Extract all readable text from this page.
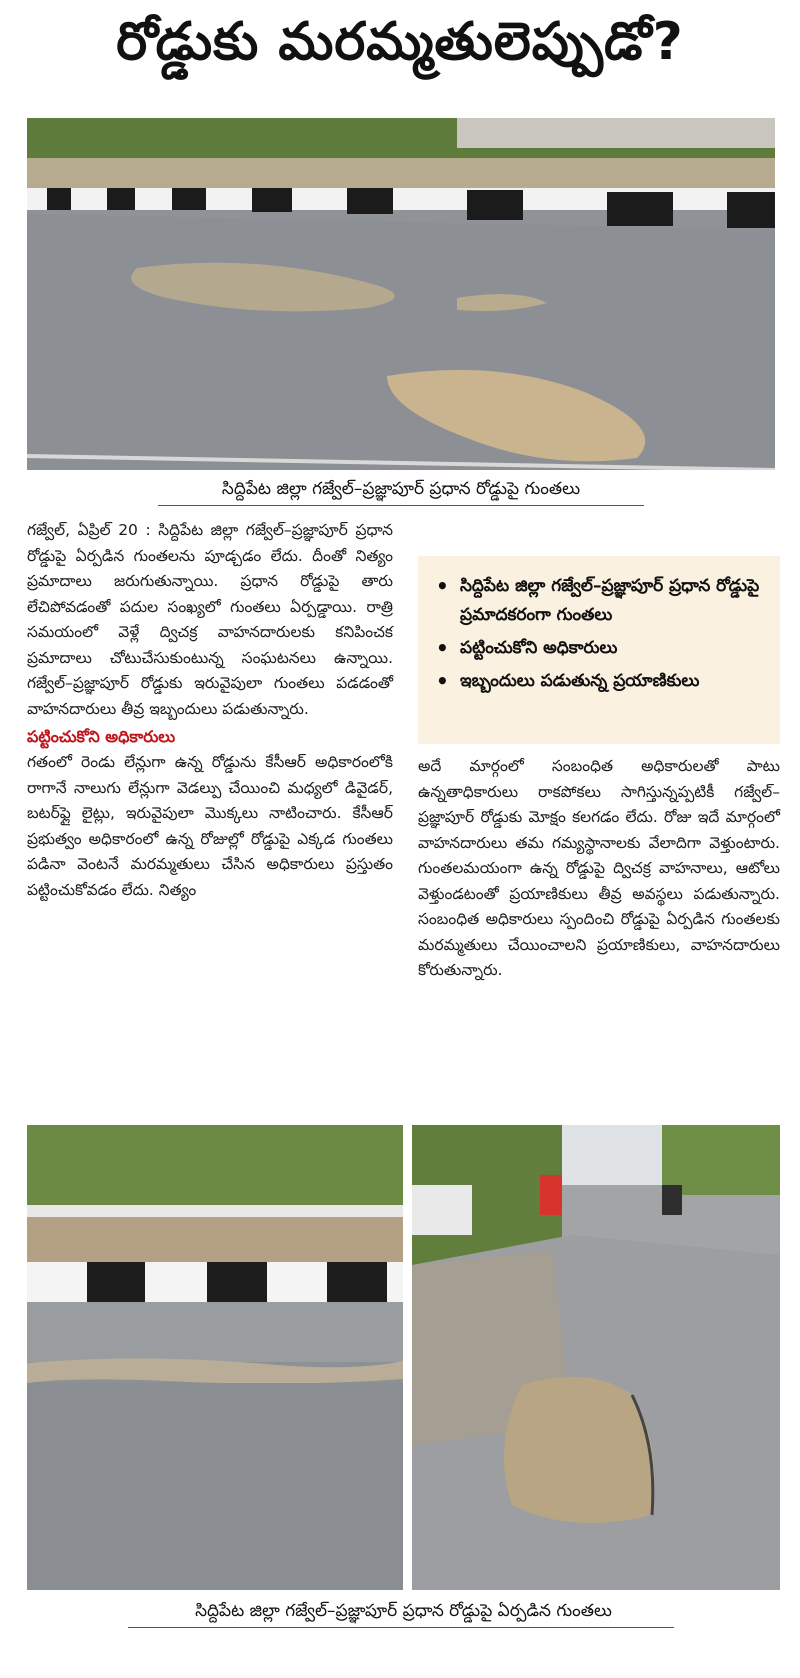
రోడ్డుకు మరమ్మతులెప్పుడో?
సిద్దిపేట జిల్లా గజ్వేల్–ప్రజ్ఞాపూర్ ప్రధాన రోడ్డుపై గుంతలు

గజ్వేల్, ఏప్రిల్ 20 : సిద్దిపేట జిల్లా గజ్వేల్–ప్రజ్ఞాపూర్ ప్రధాన రోడ్డుపై ఏర్పడిన గుంతలను పూడ్చడం లేదు. దీంతో నిత్యం ప్రమాదాలు జరుగుతున్నాయి. ప్రధాన రోడ్డుపై తారు లేచిపోవడంతో పదుల సంఖ్యలో గుంతలు ఏర్పడ్డాయి. రాత్రి సమయంలో వెళ్లే ద్విచక్ర వాహనదారులకు కనిపించక ప్రమాదాలు చోటుచేసుకుంటున్న సంఘటనలు ఉన్నాయి. గజ్వేల్–ప్రజ్ఞాపూర్ రోడ్డుకు ఇరువైపులా గుంతలు పడడంతో వాహనదారులు తీవ్ర ఇబ్బందులు పడుతున్నారు.

పట్టించుకోని అధికారులు

గతంలో రెండు లేన్లుగా ఉన్న రోడ్డును కేసీఆర్ అధికారంలోకి రాగానే నాలుగు లేన్లుగా వెడల్పు చేయించి మధ్యలో డివైడర్, బటర్‌ఫ్లై లైట్లు, ఇరువైపులా మొక్కలు నాటించారు. కేసీఆర్ ప్రభుత్వం అధికారంలో ఉన్న రోజుల్లో రోడ్డుపై ఎక్కడ గుంతలు పడినా వెంటనే మరమ్మతులు చేసిన అధికారులు ప్రస్తుతం పట్టించుకోవడం లేదు. నిత్యం

• సిద్దిపేట జిల్లా గజ్వేల్–ప్రజ్ఞాపూర్ ప్రధాన రోడ్డుపై ప్రమాదకరంగా గుంతలు
• పట్టించుకోని అధికారులు
• ఇబ్బందులు పడుతున్న ప్రయాణికులు

అదే మార్గంలో సంబంధిత అధికారులతో పాటు ఉన్నతాధికారులు రాకపోకలు సాగిస్తున్నప్పటికీ గజ్వేల్–ప్రజ్ఞాపూర్ రోడ్డుకు మోక్షం కలగడం లేదు. రోజు ఇదే మార్గంలో వాహనదారులు తమ గమ్యస్థానాలకు వేలాదిగా వెళ్తుంటారు. గుంతలమయంగా ఉన్న రోడ్డుపై ద్విచక్ర వాహనాలు, ఆటోలు వెళ్తుండటంతో ప్రయాణికులు తీవ్ర అవస్థలు పడుతున్నారు. సంబంధిత అధికారులు స్పందించి రోడ్డుపై ఏర్పడిన గుంతలకు మరమ్మతులు చేయించాలని ప్రయాణికులు, వాహనదారులు కోరుతున్నారు.

సిద్దిపేట జిల్లా గజ్వేల్–ప్రజ్ఞాపూర్ ప్రధాన రోడ్డుపై ఏర్పడిన గుంతలు
